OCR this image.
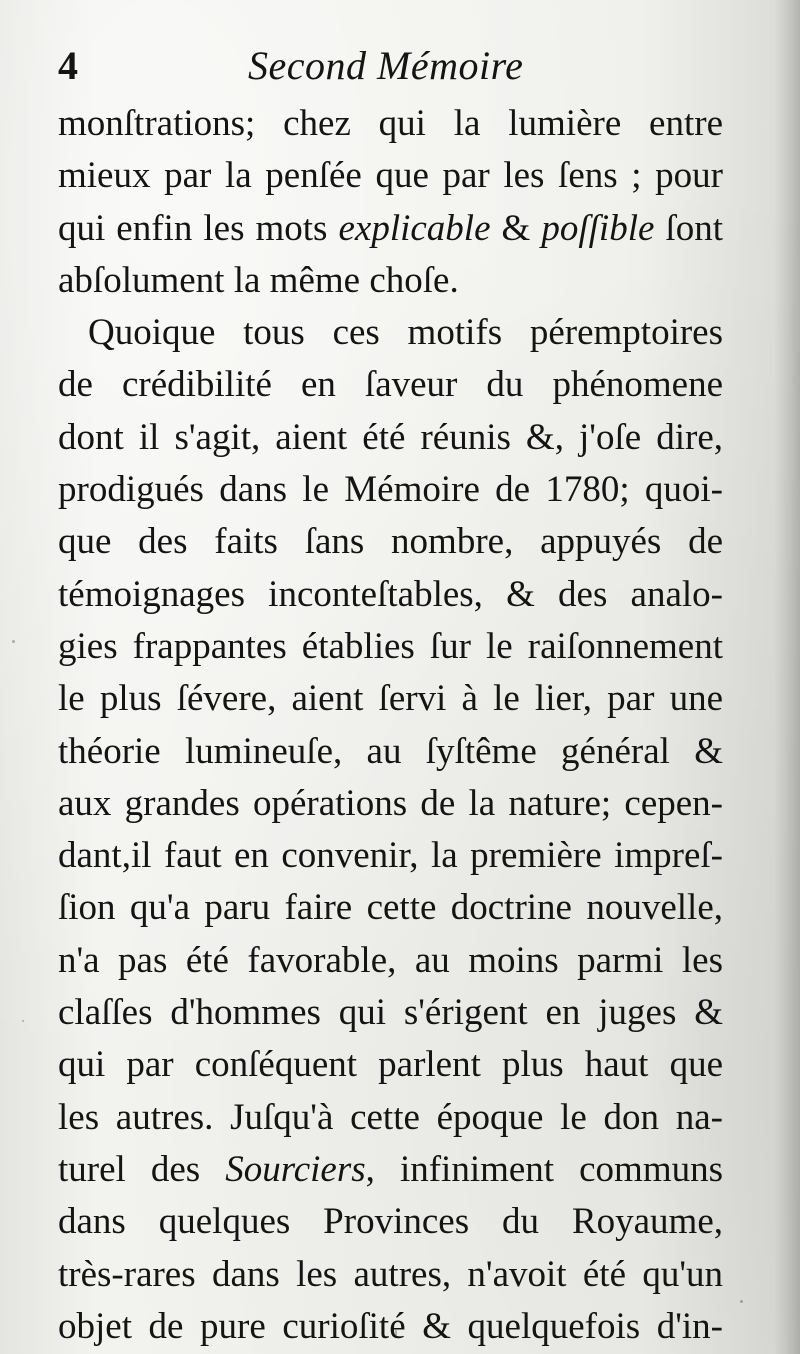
4	Second Mémoire
monſtrations; chez qui la lumière entre
mieux par la penſée que par les ſens ; pour
qui enfin les mots explicable & poſſible ſont
abſolument la même choſe.
Quoique tous ces motifs péremptoires
de crédibilité en ſaveur du phénomene
dont il s'agit, aient été réunis &, j'oſe dire,
prodigués dans le Mémoire de 1780; quoi-
que des faits ſans nombre, appuyés de
témoignages inconteſtables, & des analo-
gies frappantes établies ſur le raiſonnement
le plus ſévere, aient ſervi à le lier, par une
théorie lumineuſe, au ſyſtême général &
aux grandes opérations de la nature; cepen-
dant,il faut en convenir, la première impreſ-
ſion qu'a paru faire cette doctrine nouvelle,
n'a pas été favorable, au moins parmi les
claſſes d'hommes qui s'érigent en juges &
qui par conſéquent parlent plus haut que
les autres. Juſqu'à cette époque le don na-
turel des Sourciers, infiniment communs
dans quelques Provinces du Royaume,
très-rares dans les autres, n'avoit été qu'un
objet de pure curioſité & quelquefois d'in-
